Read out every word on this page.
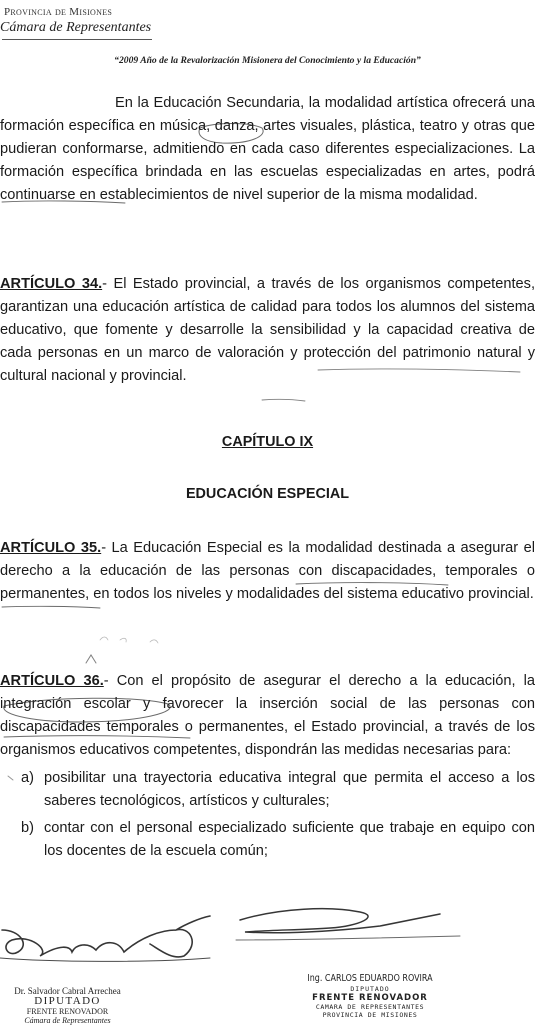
Provincia de Misiones
Cámara de Representantes
“2009 Año de la Revalorización Misionera del Conocimiento y la Educación”
En la Educación Secundaria, la modalidad artística ofrecerá una formación específica en música, danza, artes visuales, plástica, teatro y otras que pudieran conformarse, admitiendo en cada caso diferentes especializaciones. La formación específica brindada en las escuelas especializadas en artes, podrá continuarse en establecimientos de nivel superior de la misma modalidad.
ARTÍCULO 34.- El Estado provincial, a través de los organismos competentes, garantizan una educación artística de calidad para todos los alumnos del sistema educativo, que fomente y desarrolle la sensibilidad y la capacidad creativa de cada personas en un marco de valoración y protección del patrimonio natural y cultural nacional y provincial.
CAPÍTULO IX
EDUCACIÓN ESPECIAL
ARTÍCULO 35.- La Educación Especial es la modalidad destinada a asegurar el derecho a la educación de las personas con discapacidades, temporales o permanentes, en todos los niveles y modalidades del sistema educativo provincial.
ARTÍCULO 36.- Con el propósito de asegurar el derecho a la educación, la integración escolar y favorecer la inserción social de las personas con discapacidades temporales o permanentes, el Estado provincial, a través de los organismos educativos competentes, dispondrán las medidas necesarias para:
a) posibilitar una trayectoria educativa integral que permita el acceso a los saberes tecnológicos, artísticos y culturales;
b) contar con el personal especializado suficiente que trabaje en equipo con los docentes de la escuela común;
Dr. Salvador Cabral Arrechea
DIPUTADO
FRENTE RENOVADOR
Cámara de Representantes
Ing. CARLOS EDUARDO ROVIRA
DIPUTADO
FRENTE RENOVADOR
CAMARA DE REPRESENTANTES
PROVINCIA DE MISIONES
